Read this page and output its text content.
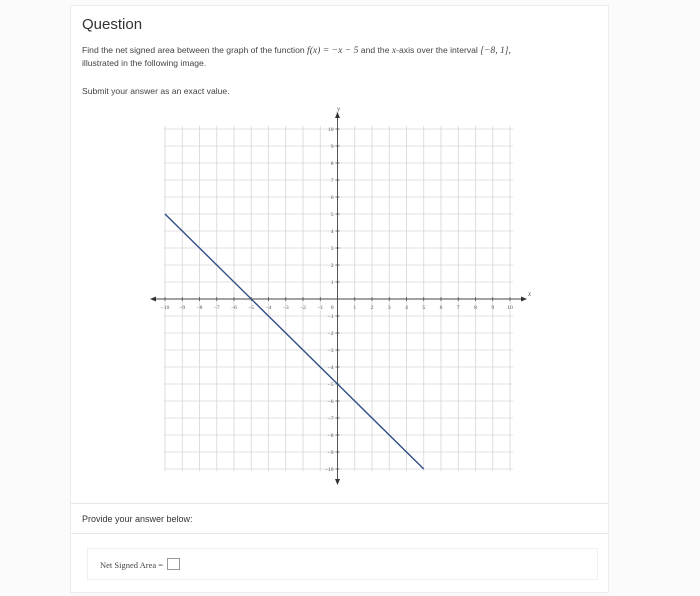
Question
Find the net signed area between the graph of the function f(x) = −x − 5 and the x-axis over the interval [−8, 1],
illustrated in the following image.
Submit your answer as an exact value.
x
y
−10 −9 −8 −7 −6 −5 −4 −3 −2 −1	1	2	3	4	5	6	7	8	9 10
−10
−9
−8
−7
−6
−5
−4
−3
−2
−1
1
2
3
4
5
6
7
8
9
10
0
Provide your answer below:
Net Signed Area =
